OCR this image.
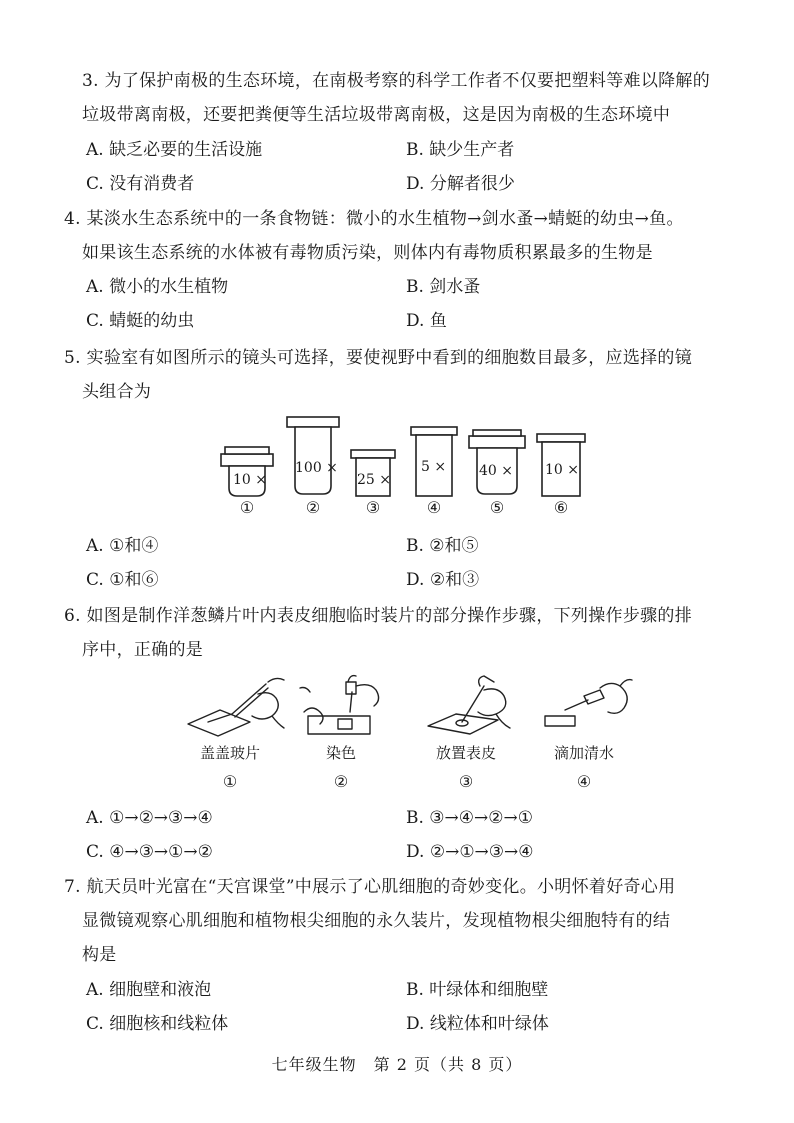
3. 为了保护南极的生态环境，在南极考察的科学工作者不仅要把塑料等难以降解的
垃圾带离南极，还要把粪便等生活垃圾带离南极，这是因为南极的生态环境中
A. 缺乏必要的生活设施	B. 缺少生产者
C. 没有消费者	D. 分解者很少
4. 某淡水生态系统中的一条食物链：微小的水生植物→剑水蚤→蜻蜓的幼虫→鱼。
如果该生态系统的水体被有毒物质污染，则体内有毒物质积累最多的生物是
A. 微小的水生植物	B. 剑水蚤
C. 蜻蜓的幼虫	D. 鱼
5. 实验室有如图所示的镜头可选择，要使视野中看到的细胞数目最多，应选择的镜
头组合为
10 ×
100 ×
25 ×
5 × 40 × 10 ×
①	②	③	④	⑤	⑥
A. ①和④	B. ②和⑤
C. ①和⑥	D. ②和③
6. 如图是制作洋葱鳞片叶内表皮细胞临时装片的部分操作步骤，下列操作步骤的排
序中，正确的是
盖盖玻片	染色	放置表皮	滴加清水
①	②	③	④
A. ①→②→③→④	B. ③→④→②→①
C. ④→③→①→②	D. ②→①→③→④
7. 航天员叶光富在“天宫课堂”中展示了心肌细胞的奇妙变化。小明怀着好奇心用
显微镜观察心肌细胞和植物根尖细胞的永久装片，发现植物根尖细胞特有的结
构是
A. 细胞壁和液泡	B. 叶绿体和细胞壁
C. 细胞核和线粒体	D. 线粒体和叶绿体
七年级生物　第 2 页（共 8 页）
